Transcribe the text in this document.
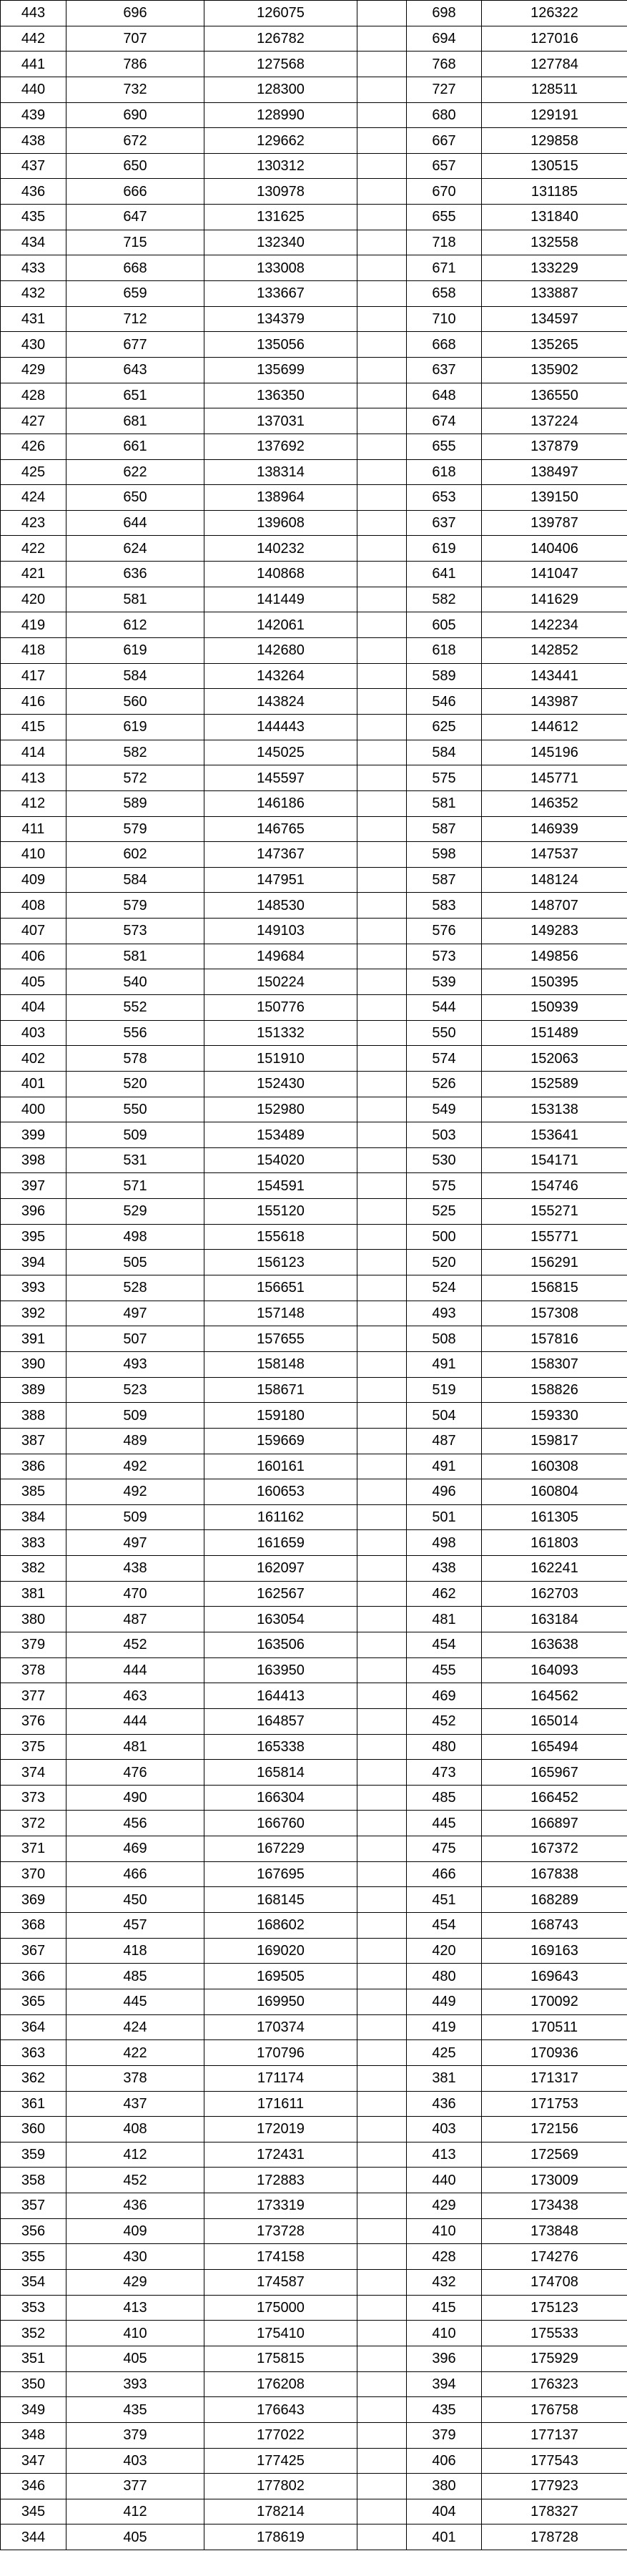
443	696	126075		698	126322
442	707	126782		694	127016
441	786	127568		768	127784
440	732	128300		727	128511
439	690	128990		680	129191
438	672	129662		667	129858
437	650	130312		657	130515
436	666	130978		670	131185
435	647	131625		655	131840
434	715	132340		718	132558
433	668	133008		671	133229
432	659	133667		658	133887
431	712	134379		710	134597
430	677	135056		668	135265
429	643	135699		637	135902
428	651	136350		648	136550
427	681	137031		674	137224
426	661	137692		655	137879
425	622	138314		618	138497
424	650	138964		653	139150
423	644	139608		637	139787
422	624	140232		619	140406
421	636	140868		641	141047
420	581	141449		582	141629
419	612	142061		605	142234
418	619	142680		618	142852
417	584	143264		589	143441
416	560	143824		546	143987
415	619	144443		625	144612
414	582	145025		584	145196
413	572	145597		575	145771
412	589	146186		581	146352
411	579	146765		587	146939
410	602	147367		598	147537
409	584	147951		587	148124
408	579	148530		583	148707
407	573	149103		576	149283
406	581	149684		573	149856
405	540	150224		539	150395
404	552	150776		544	150939
403	556	151332		550	151489
402	578	151910		574	152063
401	520	152430		526	152589
400	550	152980		549	153138
399	509	153489		503	153641
398	531	154020		530	154171
397	571	154591		575	154746
396	529	155120		525	155271
395	498	155618		500	155771
394	505	156123		520	156291
393	528	156651		524	156815
392	497	157148		493	157308
391	507	157655		508	157816
390	493	158148		491	158307
389	523	158671		519	158826
388	509	159180		504	159330
387	489	159669		487	159817
386	492	160161		491	160308
385	492	160653		496	160804
384	509	161162		501	161305
383	497	161659		498	161803
382	438	162097		438	162241
381	470	162567		462	162703
380	487	163054		481	163184
379	452	163506		454	163638
378	444	163950		455	164093
377	463	164413		469	164562
376	444	164857		452	165014
375	481	165338		480	165494
374	476	165814		473	165967
373	490	166304		485	166452
372	456	166760		445	166897
371	469	167229		475	167372
370	466	167695		466	167838
369	450	168145		451	168289
368	457	168602		454	168743
367	418	169020		420	169163
366	485	169505		480	169643
365	445	169950		449	170092
364	424	170374		419	170511
363	422	170796		425	170936
362	378	171174		381	171317
361	437	171611		436	171753
360	408	172019		403	172156
359	412	172431		413	172569
358	452	172883		440	173009
357	436	173319		429	173438
356	409	173728		410	173848
355	430	174158		428	174276
354	429	174587		432	174708
353	413	175000		415	175123
352	410	175410		410	175533
351	405	175815		396	175929
350	393	176208		394	176323
349	435	176643		435	176758
348	379	177022		379	177137
347	403	177425		406	177543
346	377	177802		380	177923
345	412	178214		404	178327
344	405	178619		401	178728
